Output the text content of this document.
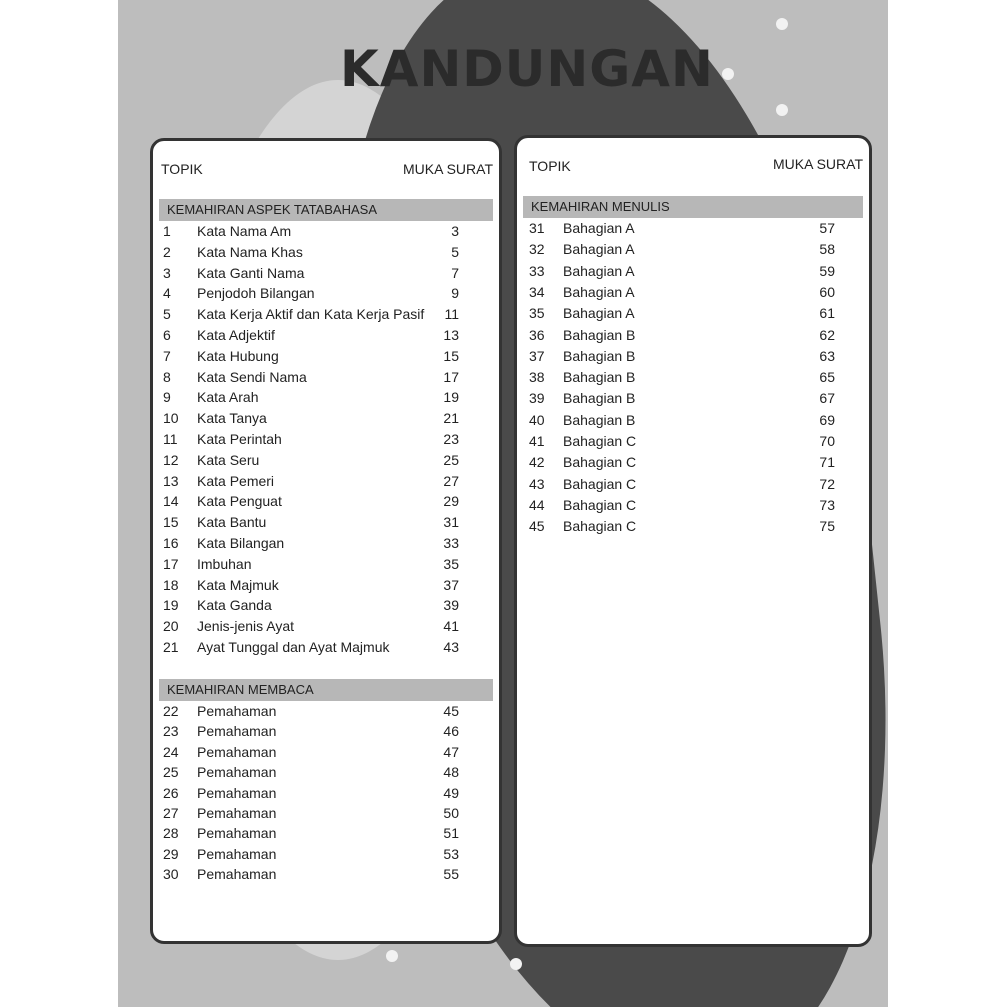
KANDUNGAN
TOPIK	MUKA SURAT
KEMAHIRAN ASPEK TATABAHASA
1 Kata Nama Am	3
2 Kata Nama Khas	5
3 Kata Ganti Nama	7
4 Penjodoh Bilangan	9
5 Kata Kerja Aktif dan Kata Kerja Pasif	11
6 Kata Adjektif	13
7 Kata Hubung	15
8 Kata Sendi Nama	17
9 Kata Arah	19
10 Kata Tanya	21
11 Kata Perintah	23
12 Kata Seru	25
13 Kata Pemeri	27
14 Kata Penguat	29
15 Kata Bantu	31
16 Kata Bilangan	33
17 Imbuhan	35
18 Kata Majmuk	37
19 Kata Ganda	39
20 Jenis-jenis Ayat	41
21 Ayat Tunggal dan Ayat Majmuk	43
KEMAHIRAN MEMBACA
22 Pemahaman	45
23 Pemahaman	46
24 Pemahaman	47
25 Pemahaman	48
26 Pemahaman	49
27 Pemahaman	50
28 Pemahaman	51
29 Pemahaman	53
30 Pemahaman	55
TOPIK	MUKA SURAT
KEMAHIRAN MENULIS
31 Bahagian A	57
32 Bahagian A	58
33 Bahagian A	59
34 Bahagian A	60
35 Bahagian A	61
36 Bahagian B	62
37 Bahagian B	63
38 Bahagian B	65
39 Bahagian B	67
40 Bahagian B	69
41 Bahagian C	70
42 Bahagian C	71
43 Bahagian C	72
44 Bahagian C	73
45 Bahagian C	75
